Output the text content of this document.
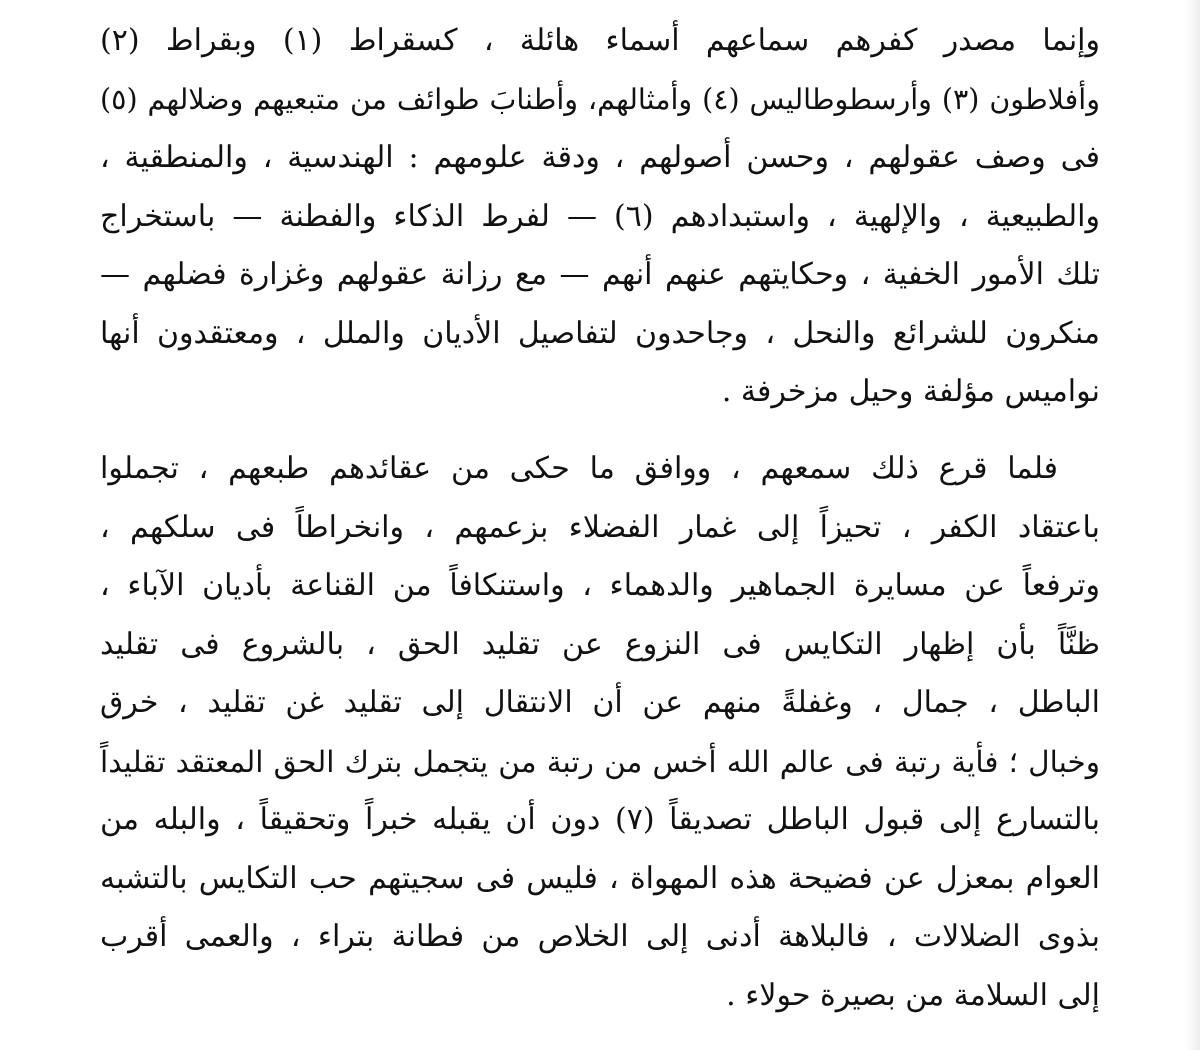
وإنما مصدر كفرهم سماعهم أسماء هائلة ، كسقراط (١) وبقراط (٢)
وأفلاطون (٣) وأرسطوطاليس (٤) وأمثالهم، وأطنابَ طوائف من متبعيهم وضلالهم (٥)
فى وصف عقولهم ، وحسن أصولهم ، ودقة علومهم : الهندسية ، والمنطقية ،
والطبيعية ، والإلهية ، واستبدادهم (٦) — لفرط الذكاء والفطنة — باستخراج
تلك الأمور الخفية ، وحكايتهم عنهم أنهم — مع رزانة عقولهم وغزارة فضلهم —
منكرون للشرائع والنحل ، وجاحدون لتفاصيل الأديان والملل ، ومعتقدون أنها
نواميس مؤلفة وحيل مزخرفة .
فلما قرع ذلك سمعهم ، ووافق ما حكى من عقائدهم طبعهم ، تجملوا
باعتقاد الكفر ، تحيزاً إلى غمار الفضلاء بزعمهم ، وانخراطاً فى سلكهم ،
وترفعاً عن مسايرة الجماهير والدهماء ، واستنكافاً من القناعة بأديان الآباء ،
ظنَّاً بأن إظهار التكايس فى النزوع عن تقليد الحق ، بالشروع فى تقليد
الباطل ، جمال ، وغفلةً منهم عن أن الانتقال إلى تقليد غن تقليد ، خرق
وخبال ؛ فأية رتبة فى عالم الله أخس من رتبة من يتجمل بترك الحق المعتقد تقليداً
بالتسارع إلى قبول الباطل تصديقاً (٧) دون أن يقبله خبراً وتحقيقاً ، والبله من
العوام بمعزل عن فضيحة هذه المهواة ، فليس فى سجيتهم حب التكايس بالتشبه
بذوى الضلالات ، فالبلاهة أدنى إلى الخلاص من فطانة بتراء ، والعمى أقرب
إلى السلامة من بصيرة حولاء .
